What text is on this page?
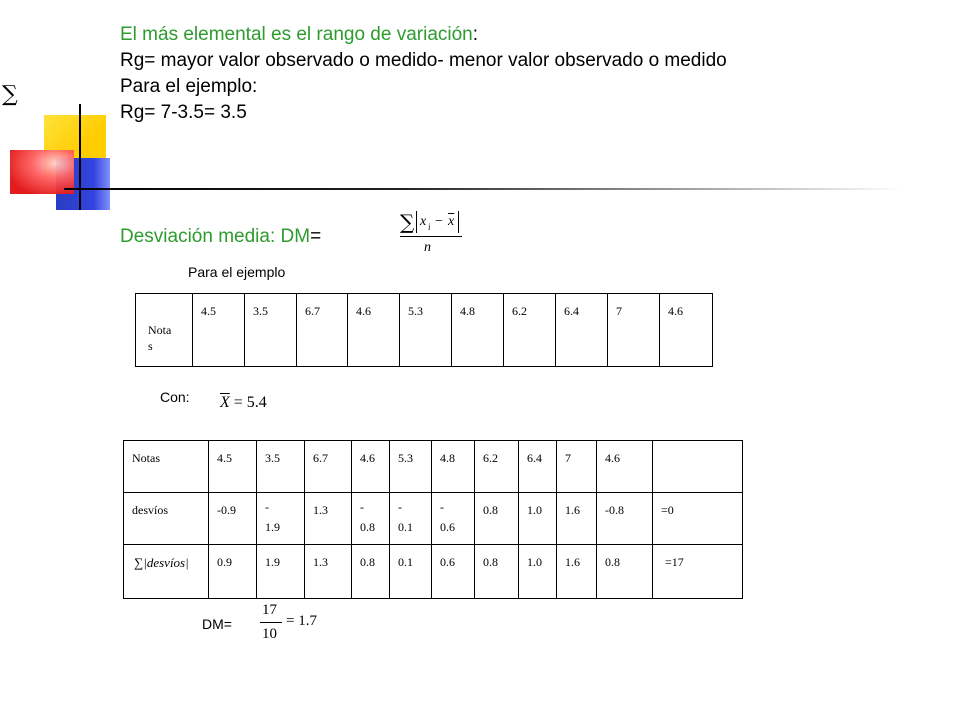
∑
El más elemental es el rango de variación:
Rg= mayor valor observado o medido- menor valor observado o medido
Para el ejemplo:
Rg= 7-3.5= 3.5
Desviación media: DM=
∑ x $i - \overline{x}$
n
Para el ejemplo
Nota s

4.5	3.5	6.7	4.6	5.3	4.8	6.2	6.4	7	4.6
Con: $\overline{X} = 5.4$
Notas	4.5	3.5	6.7	4.6	5.3	4.8	6.2	6.4	7	4.6	

desvíos	-0.9	- 1.9	1.3	- 0.8	- 0.1	- 0.6	0.8	1.0	1.6	-0.8	=0

∑|desvíos|	0.9	1.9	1.3	0.8	0.1	0.6	0.8	1.0	1.6	0.8	=17
DM=
17
10
= 1.7
